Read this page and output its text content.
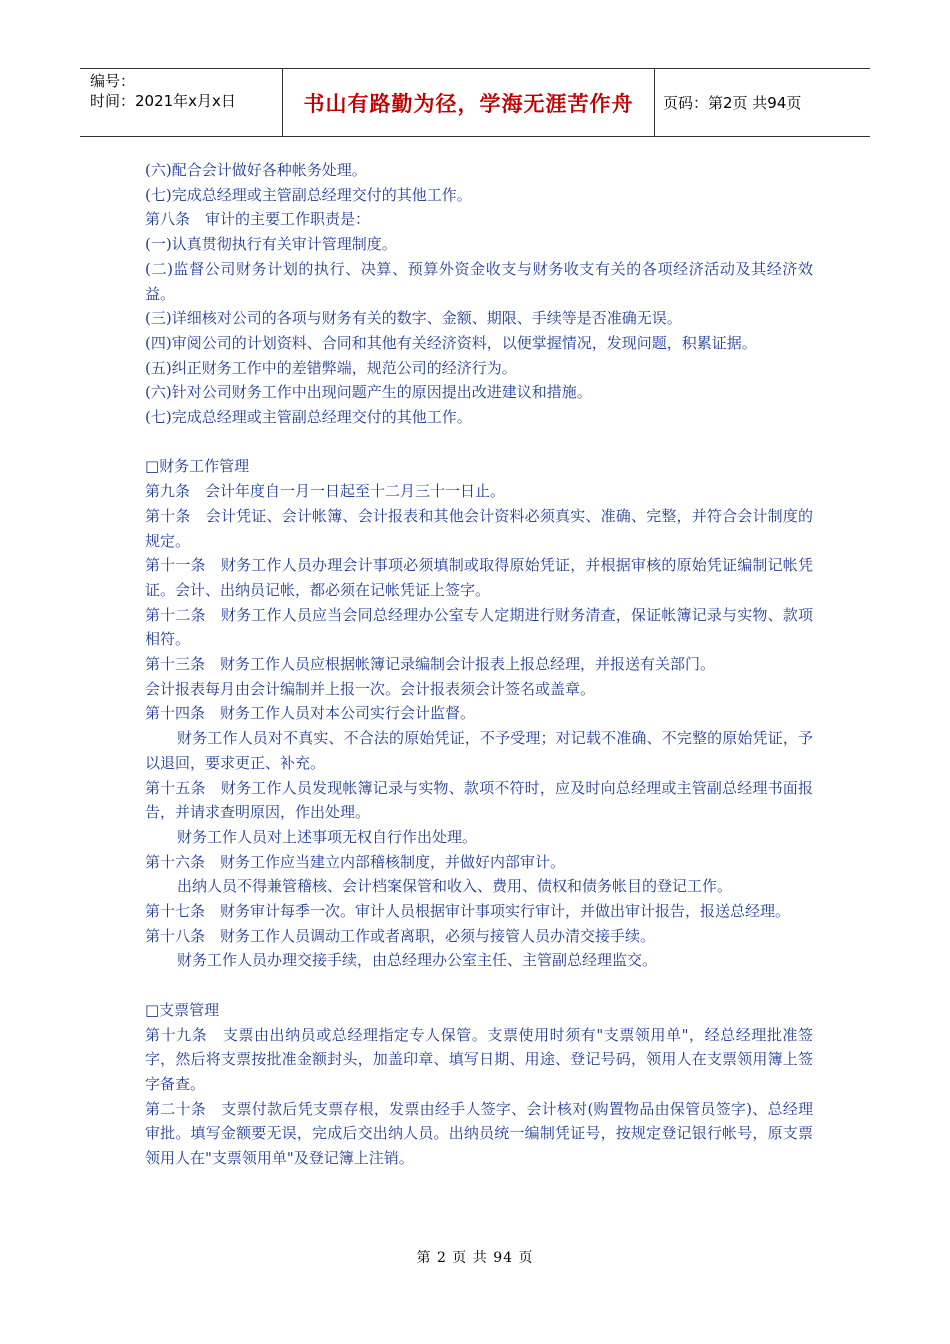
编号：
时间：2021年x月x日	书山有路勤为径，学海无涯苦作舟	页码：第2页 共94页
(六)配合会计做好各种帐务处理。
(七)完成总经理或主管副总经理交付的其他工作。
第八条　审计的主要工作职责是：
(一)认真贯彻执行有关审计管理制度。
(二)监督公司财务计划的执行、决算、预算外资金收支与财务收支有关的各项经济活动及其经济效益。
(三)详细核对公司的各项与财务有关的数字、金额、期限、手续等是否准确无误。
(四)审阅公司的计划资料、合同和其他有关经济资料，以便掌握情况，发现问题，积累证据。
(五)纠正财务工作中的差错弊端，规范公司的经济行为。
(六)针对公司财务工作中出现问题产生的原因提出改进建议和措施。
(七)完成总经理或主管副总经理交付的其他工作。
□财务工作管理
第九条　会计年度自一月一日起至十二月三十一日止。
第十条　会计凭证、会计帐簿、会计报表和其他会计资料必须真实、准确、完整，并符合会计制度的规定。
第十一条　财务工作人员办理会计事项必须填制或取得原始凭证，并根据审核的原始凭证编制记帐凭证。会计、出纳员记帐，都必须在记帐凭证上签字。
第十二条　财务工作人员应当会同总经理办公室专人定期进行财务清查，保证帐簿记录与实物、款项相符。
第十三条　财务工作人员应根据帐簿记录编制会计报表上报总经理，并报送有关部门。
会计报表每月由会计编制并上报一次。会计报表须会计签名或盖章。
第十四条　财务工作人员对本公司实行会计监督。
财务工作人员对不真实、不合法的原始凭证，不予受理；对记载不准确、不完整的原始凭证，予以退回，要求更正、补充。
第十五条　财务工作人员发现帐簿记录与实物、款项不符时，应及时向总经理或主管副总经理书面报告，并请求查明原因，作出处理。
财务工作人员对上述事项无权自行作出处理。
第十六条　财务工作应当建立内部稽核制度，并做好内部审计。
出纳人员不得兼管稽核、会计档案保管和收入、费用、债权和债务帐目的登记工作。
第十七条　财务审计每季一次。审计人员根据审计事项实行审计，并做出审计报告，报送总经理。
第十八条　财务工作人员调动工作或者离职，必须与接管人员办清交接手续。
财务工作人员办理交接手续，由总经理办公室主任、主管副总经理监交。
□支票管理
第十九条　支票由出纳员或总经理指定专人保管。支票使用时须有"支票领用单"，经总经理批准签字，然后将支票按批准金额封头，加盖印章、填写日期、用途、登记号码，领用人在支票领用簿上签字备查。
第二十条　支票付款后凭支票存根，发票由经手人签字、会计核对(购置物品由保管员签字)、总经理审批。填写金额要无误，完成后交出纳人员。出纳员统一编制凭证号，按规定登记银行帐号，原支票领用人在"支票领用单"及登记簿上注销。
第 2 页 共 94 页
